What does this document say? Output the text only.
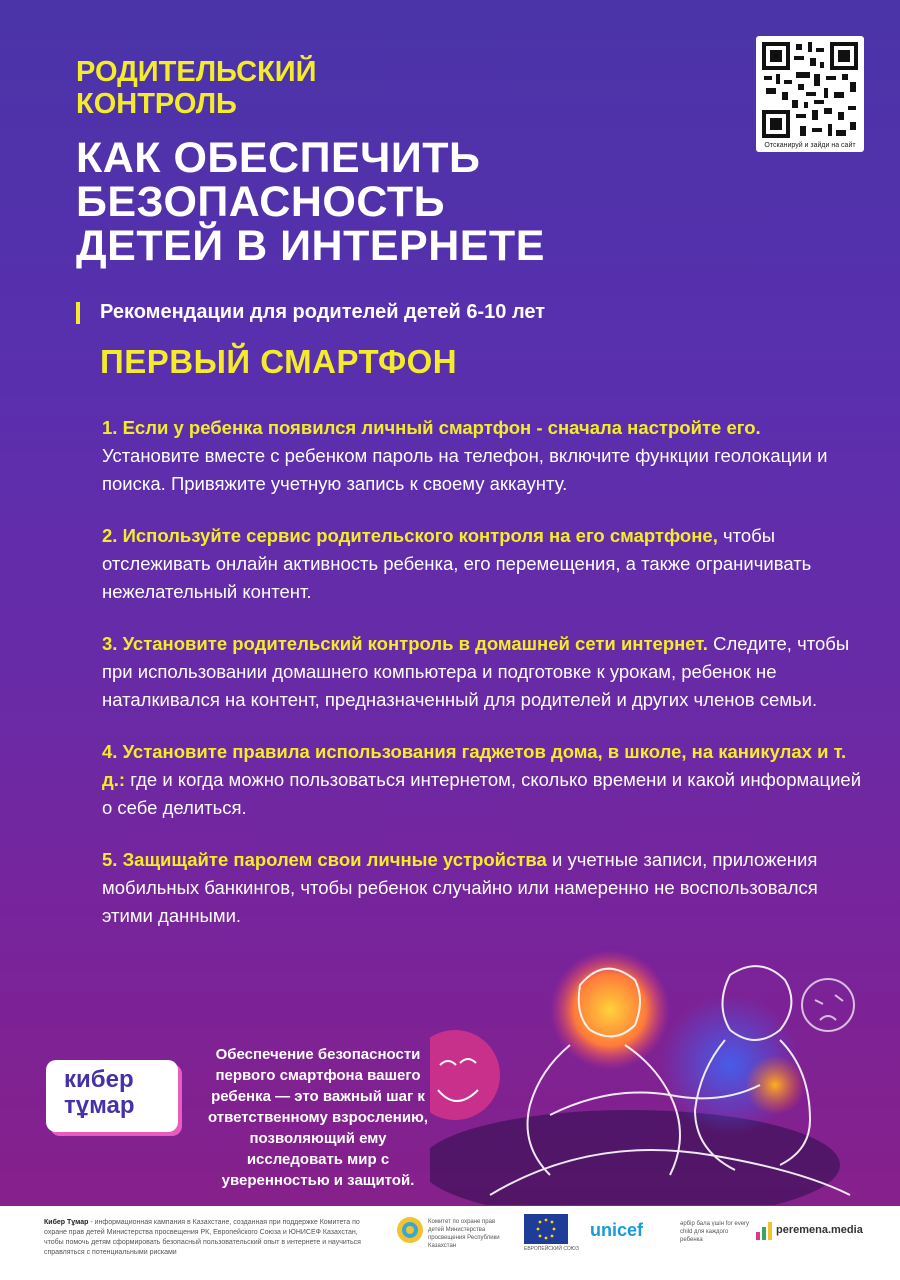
РОДИТЕЛЬСКИЙ
КОНТРОЛЬ
КАК ОБЕСПЕЧИТЬ
БЕЗОПАСНОСТЬ
ДЕТЕЙ В ИНТЕРНЕТЕ
Отсканируй и зайди на сайт
Рекомендации для родителей детей 6-10 лет
ПЕРВЫЙ СМАРТФОН
1. Если у ребенка появился личный смартфон - сначала настройте его.
Установите вместе с ребенком пароль на телефон, включите функции геолокации и поиска. Привяжите учетную запись к своему аккаунту.
2. Используйте сервис родительского контроля на его смартфоне, чтобы отслеживать онлайн активность ребенка, его перемещения, а также ограничивать нежелательный контент.
3. Установите родительский контроль в домашней сети интернет. Следите, чтобы при использовании домашнего компьютера и подготовке к урокам, ребенок не наталкивался на контент, предназначенный для родителей и других членов семьи.
4. Установите правила использования гаджетов дома, в школе, на каникулах и т. д.: где и когда можно пользоваться интернетом, сколько времени и какой информацией о себе делиться.
5. Защищайте паролем свои личные устройства и учетные записи, приложения мобильных банкингов, чтобы ребенок случайно или намеренно не воспользовался этими данными.
кибер
тұмар
Обеспечение безопасности первого смартфона вашего ребенка — это важный шаг к ответственному взрослению, позволяющий ему исследовать мир с уверенностью и защитой.
Кибер Тұмар - информационная кампания в Казахстане, созданная при поддержке Комитета по охране прав детей Министерства просвещения РК, Европейского Союза и ЮНИСЕФ Казахстан, чтобы помочь детям сформировать безопасный пользовательский опыт в интернете и научиться справляться с потенциальными рисками
Комитет по охране прав детей Министерства просвещения Республики Казахстан	ЕВРОПЕЙСКИЙ СОЮЗ
unicef	әрбір бала үшін for every child для каждого ребенка
peremena.media
